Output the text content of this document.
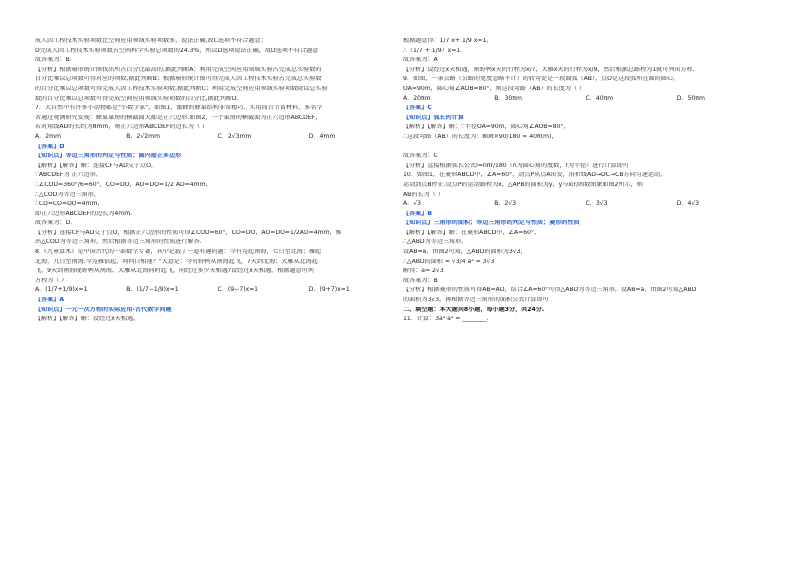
成人因工程技术实验项数比空间应用领域实验项数多，说法正确,故C选项不符合题意；
D完成人因工程技术实验项数占空间科学实验总项数的24.3%，所以D选项说法正确，故D选项不符合题意
故答案为：B.
【分析】根据扇形统计图找出所占百分比最高的,据此判断A；利用完成空间应用领域实验占完成总实验数的
百分比乘以总项数可得对应的项数,据此判断B；根据扇形统计图可得完成人因工程技术实验占完成总实验数
的百分比乘以总项数可得完成人因工程技术实验项数,据此判断C；利用完成空间应用领域实验项数除以总实验
数的百分比乘以总项数可得完成空间应用领域实验项数的百分比,据此判断D.
7．大自然中有许多小动物都是"小数学家"，如图1，蜜蜂的蜂巢结构非常精巧、实用而且节省材料，多名学
者通过观测研究发现：蜂巢巢房的横截面大都是正六边形.如图2，一个巢房的横截面为正六边形ABCDEF，
若对角线AD的长约为8mm，则正六边形ABCDEF的边长为（ ）
A．2mm	B．2√2mm	C．2√3mm	D．4mm
【答案】D
【知识点】等边三角形的判定与性质；圆内接正多边形
【解析】【解答】解：连接CF与AD交于点O，
∵ABCDEF为 正六边形，
∴∠COD=360°/6=60°，CO=DO，AO=DO=1/2 AD=4mm，
∴△COD为等边三角形，
∴CD=CO=DO=4mm，
即正六边形ABCDEF的边长为4mm.
故答案为：D.
【分析】连接CF与AD交于点O，根据正六边形的性质可得∠COD=60°，CO=DO，AO=DO=1/2AD=4mm，推
出△COD为等边三角形，然后根据等边三角形的性质进行解答.
8.《九章算术》是中国古代的一部数学专著，其中记载了一道有趣的题：今有凫起南海，七日至北海；雁起
北海，九日至南海.今凫雁俱起，问何日相逢？"大意是：今有野鸭从南海起飞，7天到北海；大雁从北海起
飞，9天到南海现野鸭从南海、大雁从北海同时起飞，问经过多少天相遇?设经过x天相遇，根据题意可列
方程为（ ）
A．(1/7+1/9)x=1	B．(1/7−1/9)x=1	C．(9−7)x=1	D．(9+7)x=1
【答案】A
【知识点】一元一次方程的实际应用-古代数学问题
【解析】【解答】解：设经过x天相遇，
根据题意得：1/7 x+ 1/9 x=1，
∴（1/7 + 1/9）x=1.
故答案为：A
【分析】设经过x天相遇，则野鸭x天的行程为x/7，大雁x天的行程为x/9，然后根据总路程为1就可列出方程.
9．如图，一条公路（公路的宽度忽略不计）的转弯处是一段圆弧（AB），点O是这段弧所在圆的圆心，
OA=90m，圆心角∠AOB=80°，则这段弯路（AB）的长度为（ ）
A．20πm	B．30πm	C．40πm	D．50πm
【答案】C
【知识点】弧长的计算
【解析】【解答】解：∵半径OA=90m，圆心角∠AOB=80°，
∴这段弯路（AB）的长度为：80π×90/180 = 40π(m)，
故答案为：C
【分析】直接根据弧长公式l=nπr/180（n为圆心角的度数，r为半径）进行计算即可
10．如图1，在菱形ABCD中，∠A=60°，动点P从点A出发，沿折线AD→DC→CB方向匀速运动，
运动到点B停止.设点P的运动路程为x，△APB的面积为y，y与x的函数图象如图2所示，则
AB的长为（ ）
A．√3	B．2√3	C．3√3	D．4√3
【答案】B
【知识点】三角形的面积；等边三角形的判定与性质；菱形的性质
【解析】【解答】解：在菱形ABCD中，∠A=60°，
∴△ABD为等边三角形，
设AB=a，由图2可知，△ABD的面积为3√3，
∴△ABD的面积 = √3/4 a² = 3√3
解得：a= 2√3
故答案为：B
【分析】根据菱形的性质可得AB=AD，结合∠A=60°可得△ABD为等边三角形，设AB=a，由图2可知△ABD
的面积为3√3，再根据等边三角形的面积公式计算即可
二、填空题：本大题共8小题，每小题3分，共24分.
11．计算：3a²·a³ = ________.
